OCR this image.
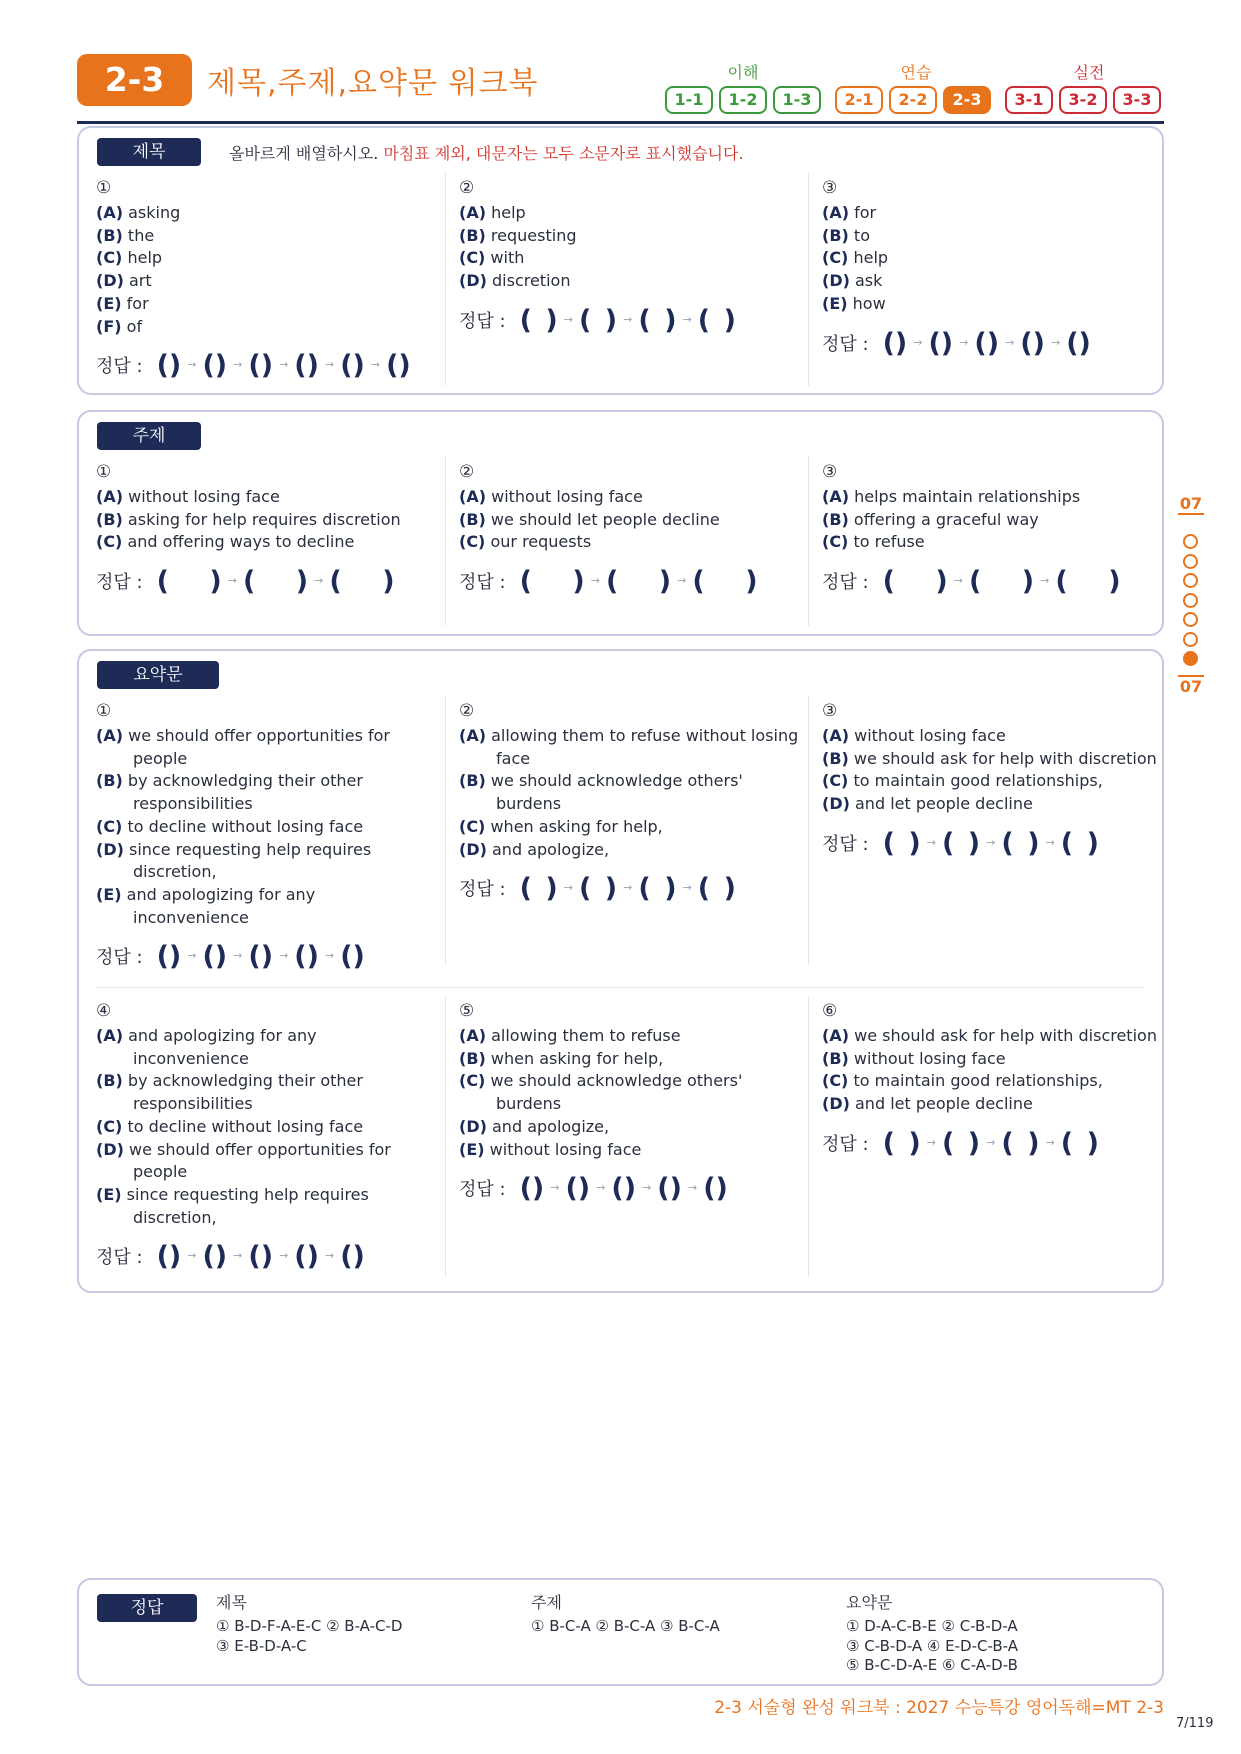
2-3	제목,주제,요약문 워크북	이해	연습	실전
1-1	1-2	1-3	2-1	2-2	2-3	3-1	3-2	3-3
제목	올바르게 배열하시오. 마침표 제외, 대문자는 모두 소문자로 표시했습니다.
①
(A) asking
(B) the
(C) help
(D) art
(E) for
(F) of
정답 : () → () → () → () → () → ()
②
(A) help
(B) requesting
(C) with
(D) discretion
정답 : ( ) → ( ) → ( ) → ( )
③
(A) for
(B) to
(C) help
(D) ask
(E) how
정답 : () → () → () → () → ()
주제
①
(A) without losing face
(B) asking for help requires discretion
(C) and offering ways to decline
정답 : (  ) → (  ) → (  )
②
(A) without losing face
(B) we should let people decline
(C) our requests
정답 : (  ) → (  ) → (  )
③
(A) helps maintain relationships
(B) offering a graceful way
(C) to refuse
정답 : (  ) → (  ) → (  )
요약문
①
(A) we should offer opportunities for people
(B) by acknowledging their other responsibilities
(C) to decline without losing face
(D) since requesting help requires discretion,
(E) and apologizing for any inconvenience
정답 : () → () → () → () → ()
②
(A) allowing them to refuse without losing face
(B) we should acknowledge others' burdens
(C) when asking for help,
(D) and apologize,
정답 : ( ) → ( ) → ( ) → ( )
③
(A) without losing face
(B) we should ask for help with discretion
(C) to maintain good relationships,
(D) and let people decline
정답 : ( ) → ( ) → ( ) → ( )
④
(A) and apologizing for any inconvenience
(B) by acknowledging their other responsibilities
(C) to decline without losing face
(D) we should offer opportunities for people
(E) since requesting help requires discretion,
정답 : () → () → () → () → ()
⑤
(A) allowing them to refuse
(B) when asking for help,
(C) we should acknowledge others' burdens
(D) and apologize,
(E) without losing face
정답 : () → () → () → () → ()
⑥
(A) we should ask for help with discretion
(B) without losing face
(C) to maintain good relationships,
(D) and let people decline
정답 : ( ) → ( ) → ( ) → ( )
07
07
정답	제목
① B-D-F-A-E-C ② B-A-C-D
③ E-B-D-A-C
주제
① B-C-A ② B-C-A ③ B-C-A
요약문
① D-A-C-B-E ② C-B-D-A
③ C-B-D-A ④ E-D-C-B-A
⑤ B-C-D-A-E ⑥ C-A-D-B
2-3 서술형 완성 워크북 : 2027 수능특강 영어독해=MT 2-3
7/119
